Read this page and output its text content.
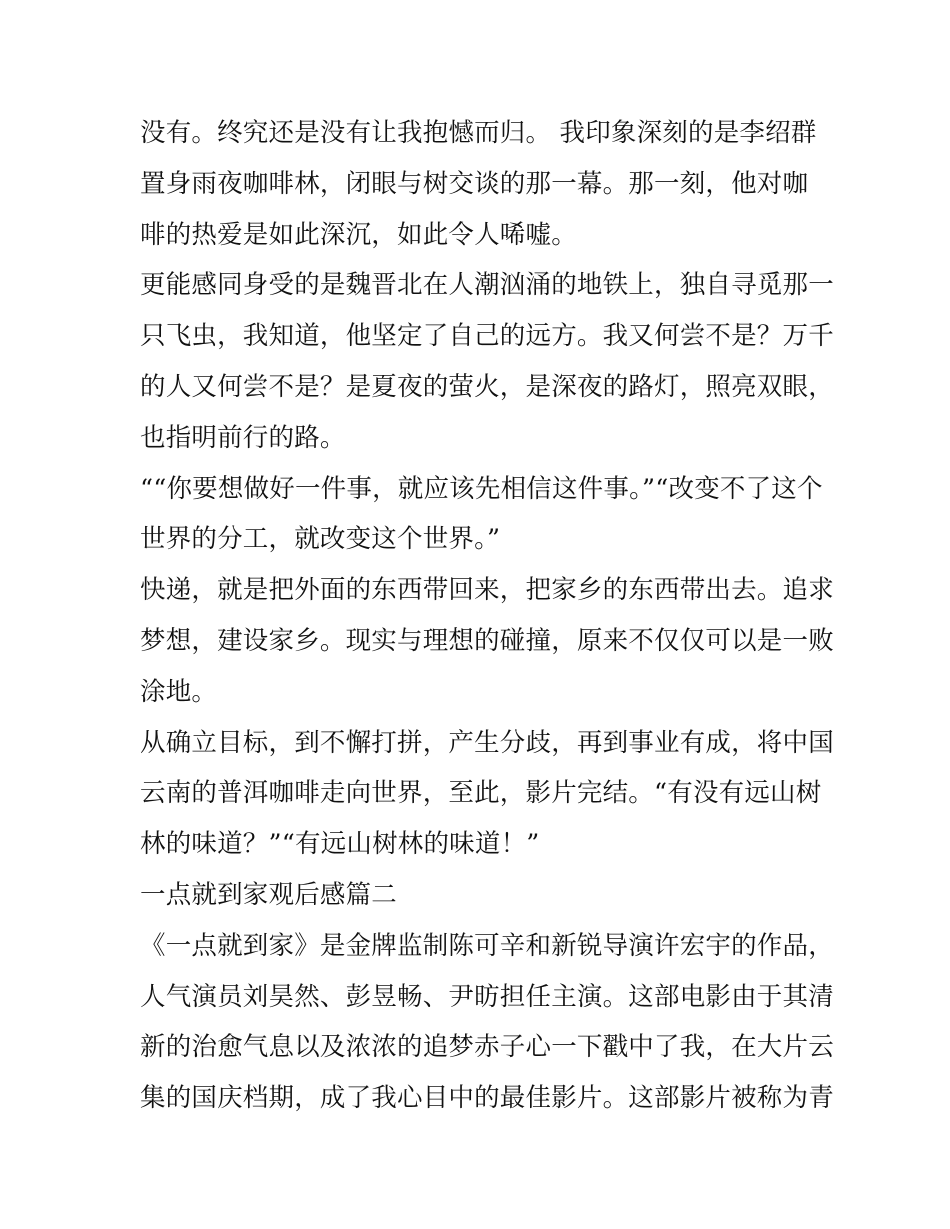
没有。终究还是没有让我抱憾而归。 我印象深刻的是李绍群
置身雨夜咖啡林，闭眼与树交谈的那一幕。那一刻，他对咖
啡的热爱是如此深沉，如此令人唏嘘。
更能感同身受的是魏晋北在人潮汹涌的地铁上，独自寻觅那一
只飞虫，我知道，他坚定了自己的远方。我又何尝不是？万千
的人又何尝不是？是夏夜的萤火，是深夜的路灯，照亮双眼，
也指明前行的路。
““你要想做好一件事，就应该先相信这件事。”“改变不了这个
世界的分工，就改变这个世界。”
快递，就是把外面的东西带回来，把家乡的东西带出去。追求
梦想，建设家乡。现实与理想的碰撞，原来不仅仅可以是一败
涂地。
从确立目标，到不懈打拼，产生分歧，再到事业有成，将中国
云南的普洱咖啡走向世界，至此，影片完结。“有没有远山树
林的味道？”“有远山树林的味道！”
一点就到家观后感篇二
《一点就到家》是金牌监制陈可辛和新锐导演许宏宇的作品，
人气演员刘昊然、彭昱畅、尹昉担任主演。这部电影由于其清
新的治愈气息以及浓浓的追梦赤子心一下戳中了我，在大片云
集的国庆档期，成了我心目中的最佳影片。这部影片被称为青
